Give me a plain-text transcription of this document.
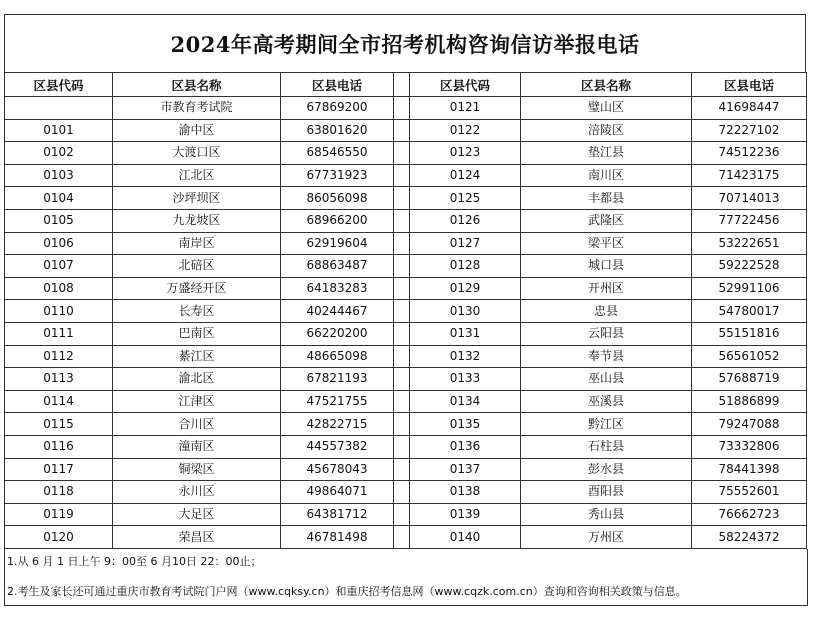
2024年高考期间全市招考机构咨询信访举报电话
区县代码	区县名称	区县电话		区县代码	区县名称	区县电话
	市教育考试院	67869200		0121	璧山区	41698447
0101	渝中区	63801620		0122	涪陵区	72227102
0102	大渡口区	68546550		0123	垫江县	74512236
0103	江北区	67731923		0124	南川区	71423175
0104	沙坪坝区	86056098		0125	丰都县	70714013
0105	九龙坡区	68966200		0126	武隆区	77722456
0106	南岸区	62919604		0127	梁平区	53222651
0107	北碚区	68863487		0128	城口县	59222528
0108	万盛经开区	64183283		0129	开州区	52991106
0110	长寿区	40244467		0130	忠县	54780017
0111	巴南区	66220200		0131	云阳县	55151816
0112	綦江区	48665098		0132	奉节县	56561052
0113	渝北区	67821193		0133	巫山县	57688719
0114	江津区	47521755		0134	巫溪县	51886899
0115	合川区	42822715		0135	黔江区	79247088
0116	潼南区	44557382		0136	石柱县	73332806
0117	铜梁区	45678043		0137	彭水县	78441398
0118	永川区	49864071		0138	酉阳县	75552601
0119	大足区	64381712		0139	秀山县	76662723
0120	荣昌区	46781498		0140	万州区	58224372
1.从 6 月 1 日上午 9：00至 6 月10日 22：00止；
2.考生及家长还可通过重庆市教育考试院门户网（www.cqksy.cn）和重庆招考信息网（www.cqzk.com.cn）查询和咨询相关政策与信息。
